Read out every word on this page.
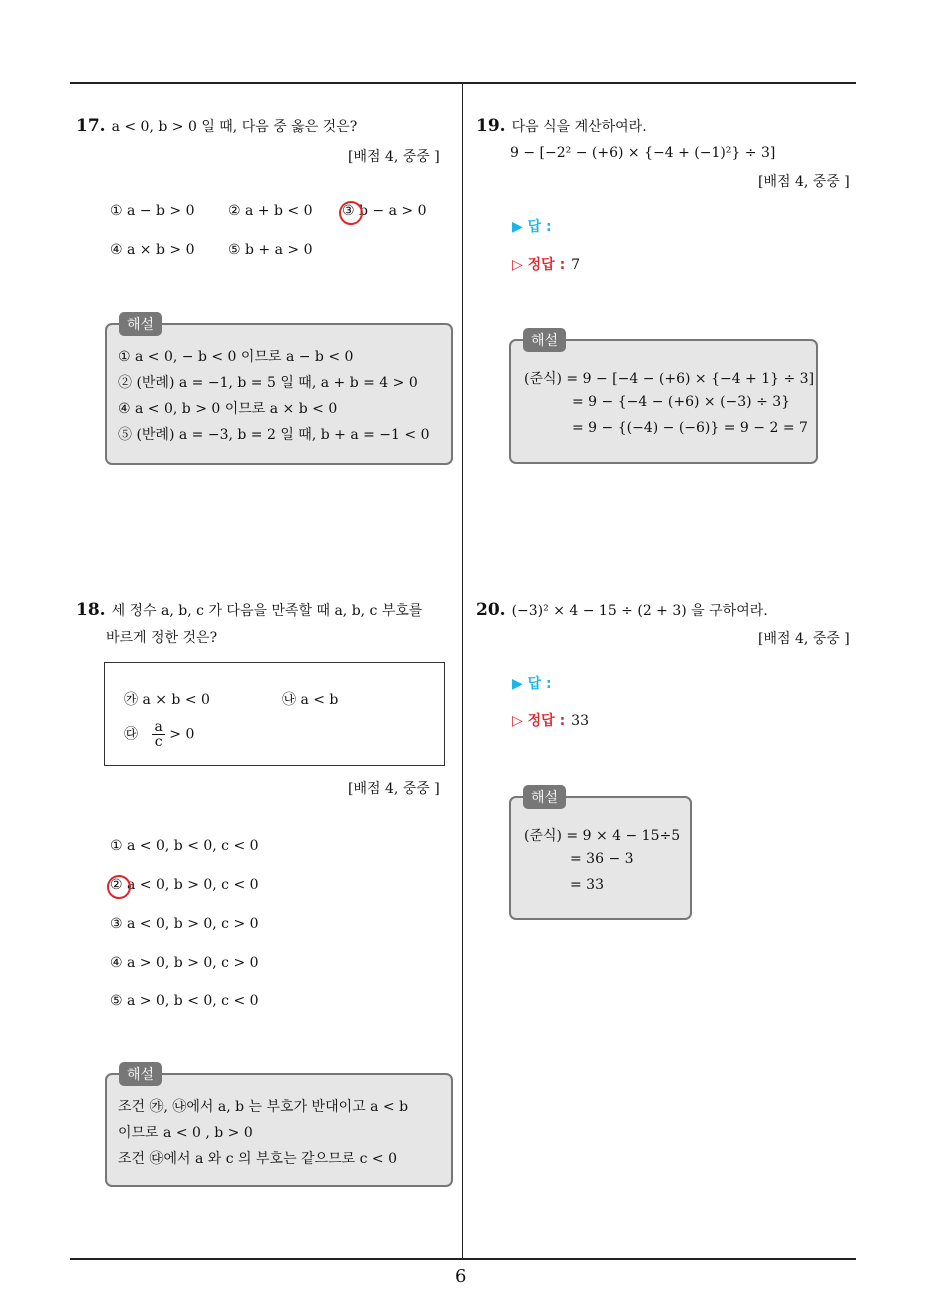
6
17. a < 0, b > 0 일 때, 다음 중 옳은 것은?
[배점 4, 중중 ]
① a − b > 0 ② a + b < 0 ③ b − a > 0
④ a × b > 0 ⑤ b + a > 0
해설
① a < 0, − b < 0 이므로 a − b < 0
② (반례) a = −1, b = 5 일 때, a + b = 4 > 0
④ a < 0, b > 0 이므로 a × b < 0
⑤ (반례) a = −3, b = 2 일 때, b + a = −1 < 0
18. 세 정수 a, b, c 가 다음을 만족할 때 a, b, c 부호를
바르게 정한 것은?
㉮ a × b < 0	㉯ a < b
㉰ $\frac{a}{c} > 0$
[배점 4, 중중 ]
① a < 0, b < 0, c < 0
② a < 0, b > 0, c < 0
③ a < 0, b > 0, c > 0
④ a > 0, b > 0, c > 0
⑤ a > 0, b < 0, c < 0
해설
조건 ㉮, ㉯에서 a, b 는 부호가 반대이고 a < b
이므로 a < 0 , b > 0
조건 ㉰에서 a 와 c 의 부호는 같으므로 c < 0
19. 다음 식을 계산하여라.
9 − [−2² − (+6) × {−4 + (−1)²} ÷ 3]
[배점 4, 중중 ]
▶ 답 :
▷ 정답 : 7
해설
(준식) = 9 − [−4 − (+6) × {−4 + 1} ÷ 3]
= 9 − {−4 − (+6) × (−3) ÷ 3}
= 9 − {(−4) − (−6)} = 9 − 2 = 7
20. (−3)² × 4 − 15 ÷ (2 + 3) 을 구하여라.
[배점 4, 중중 ]
▶ 답 :
▷ 정답 : 33
해설
(준식) = 9 × 4 − 15÷5
= 36 − 3
= 33
